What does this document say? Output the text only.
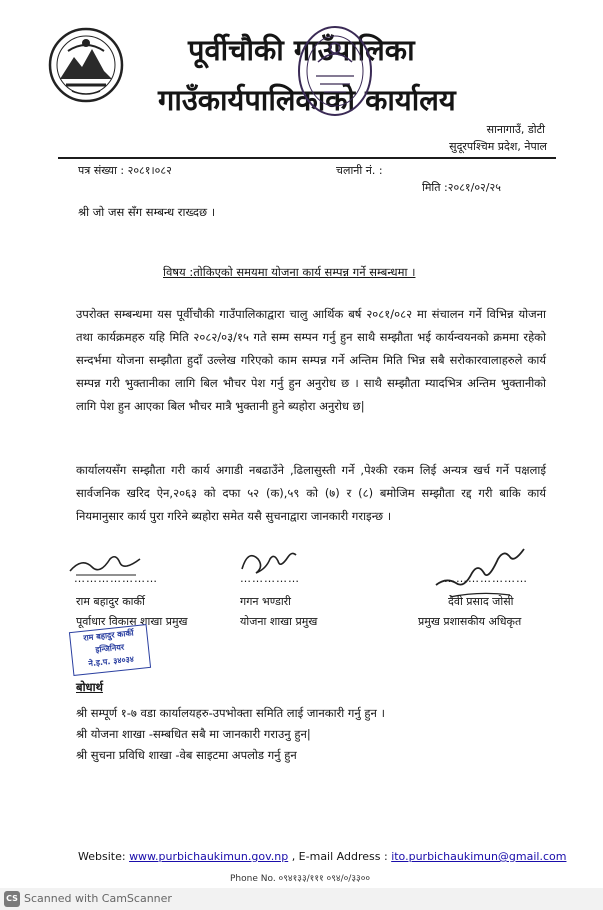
पूर्वीचौकी गाउँपालिका
गाउँकार्यपालिकाको कार्यालय
सानागाउँ, डोटी
सुदूरपश्चिम प्रदेश, नेपाल
पत्र संख्या : २०८१।०८२	चलानी नं. :
मिति :२०८१/०२/२५
श्री जो जस सँग सम्बन्ध राख्दछ ।
विषय :तोकिएको समयमा योजना कार्य सम्पन्न गर्ने सम्बन्धमा ।
उपरोक्त सम्बन्धमा यस पूर्वीचौकी गाउँपालिकाद्वारा चालु आर्थिक बर्ष २०८१/०८२ मा संचालन गर्ने विभिन्न योजना तथा कार्यक्रमहरु यहि मिति २०८२/०३/१५ गते सम्म सम्पन गर्नु हुन साथै सम्झौता भई कार्यन्वयनको क्रममा रहेको सन्दर्भमा योजना सम्झौता हुदाँ उल्लेख गरिएको काम सम्पन्न गर्ने अन्तिम मिति भिन्न सबै सरोकारवालाहरुले कार्य सम्पन्न गरी भुक्तानीका लागि बिल भौचर पेश गर्नु हुन अनुरोध छ । साथै सम्झौता म्यादभित्र अन्तिम भुक्तानीको लागि पेश हुन आएका बिल भौचर मात्रै भुक्तानी हुने ब्यहोरा अनुरोध छ|
कार्यालयसँग सम्झौता गरी कार्य अगाडी नबढाउँने ,ढिलासुस्ती गर्ने ,पेश्की रकम लिई अन्यत्र खर्च गर्ने पक्षलाई सार्वजनिक खरिद ऐन,२०६३ को दफा ५२ (क),५९ को (७) र (८) बमोजिम सम्झौता रद्द गरी बाकि कार्य नियमानुसार कार्य पुरा गरिने ब्यहोरा समेत यसै सुचनाद्वारा जानकारी गराइन्छ ।
…………………
राम बहादुर कार्की
पूर्वाधार विकास शाखा प्रमुख
……………
गगन भण्डारी
योजना शाखा प्रमुख
…………………
देवी प्रसाद जोसी
प्रमुख प्रशासकीय अधिकृत
राम बहादुर कार्की
इन्जिनियर
ने.इ.प. ३४०३४
बोधार्थ
श्री सम्पूर्ण १-७ वडा कार्यालयहरु-उपभोक्ता समिति लाई जानकारी गर्नु हुन ।
श्री योजना शाखा -सम्बधित सबै मा जानकारी गराउनु हुन|
श्री सुचना प्रविधि शाखा -वेब साइटमा अपलोड गर्नु हुन
Website: www.purbichaukimun.gov.np , E-mail Address : ito.purbichaukimun@gmail.com
Phone No. ०९४१३३/१११ ०९४/०/३३००
CS Scanned with CamScanner
